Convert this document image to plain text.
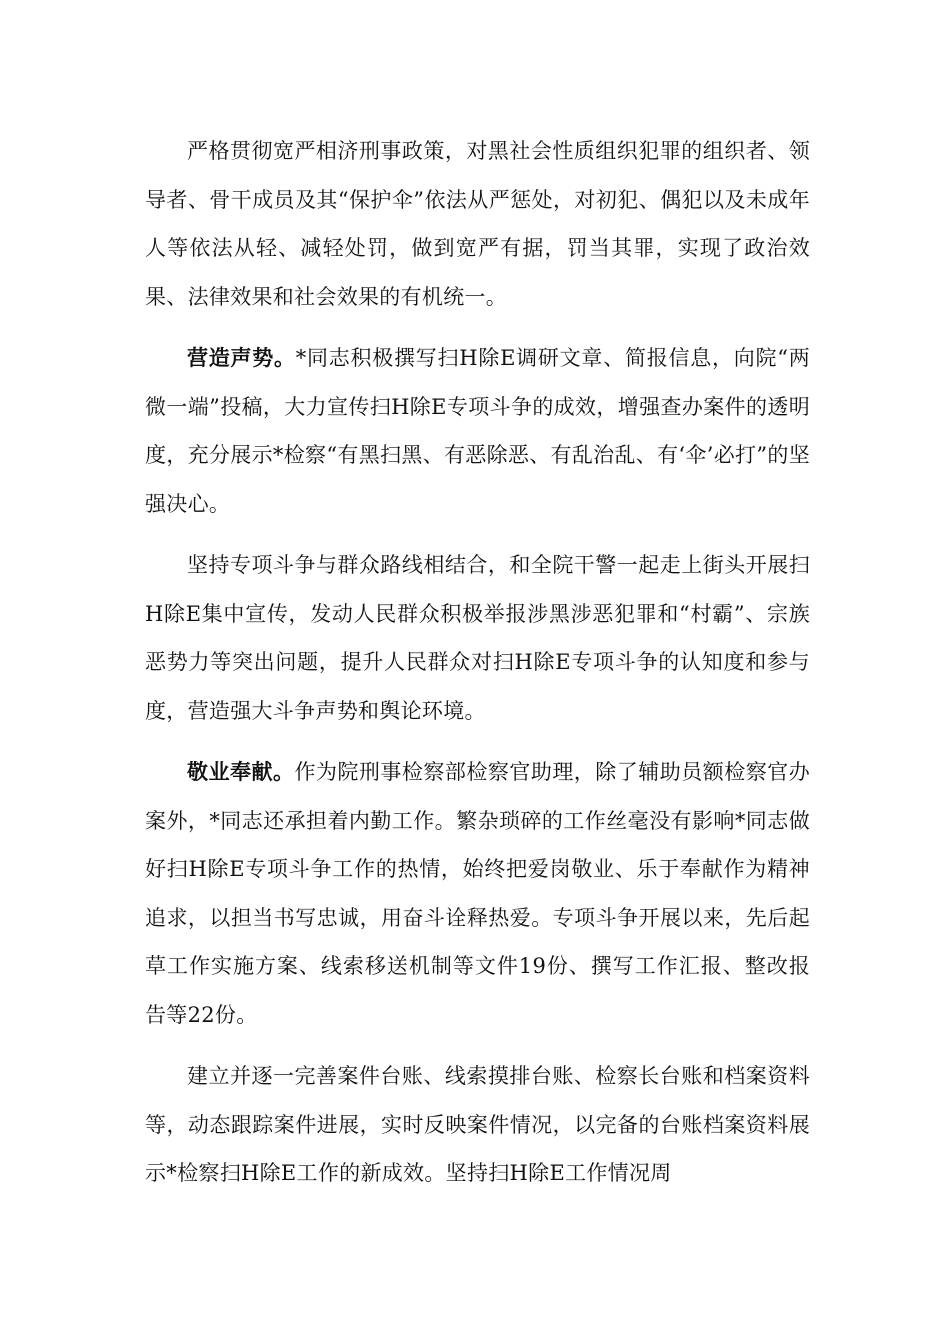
严格贯彻宽严相济刑事政策，对黑社会性质组织犯罪的组织者、领导者、骨干成员及其“保护伞”依法从严惩处，对初犯、偶犯以及未成年人等依法从轻、减轻处罚，做到宽严有据，罚当其罪，实现了政治效果、法律效果和社会效果的有机统一。

营造声势。*同志积极撰写扫H除E调研文章、简报信息，向院“两微一端”投稿，大力宣传扫H除E专项斗争的成效，增强查办案件的透明度，充分展示*检察“有黑扫黑、有恶除恶、有乱治乱、有‘伞’必打”的坚强决心。

坚持专项斗争与群众路线相结合，和全院干警一起走上街头开展扫H除E集中宣传，发动人民群众积极举报涉黑涉恶犯罪和“村霸”、宗族恶势力等突出问题，提升人民群众对扫H除E专项斗争的认知度和参与度，营造强大斗争声势和舆论环境。

敬业奉献。作为院刑事检察部检察官助理，除了辅助员额检察官办案外，*同志还承担着内勤工作。繁杂琐碎的工作丝毫没有影响*同志做好扫H除E专项斗争工作的热情，始终把爱岗敬业、乐于奉献作为精神追求，以担当书写忠诚，用奋斗诠释热爱。专项斗争开展以来，先后起草工作实施方案、线索移送机制等文件19份、撰写工作汇报、整改报告等22份。

建立并逐一完善案件台账、线索摸排台账、检察长台账和档案资料等，动态跟踪案件进展，实时反映案件情况，以完备的台账档案资料展示*检察扫H除E工作的新成效。坚持扫H除E工作情况周
